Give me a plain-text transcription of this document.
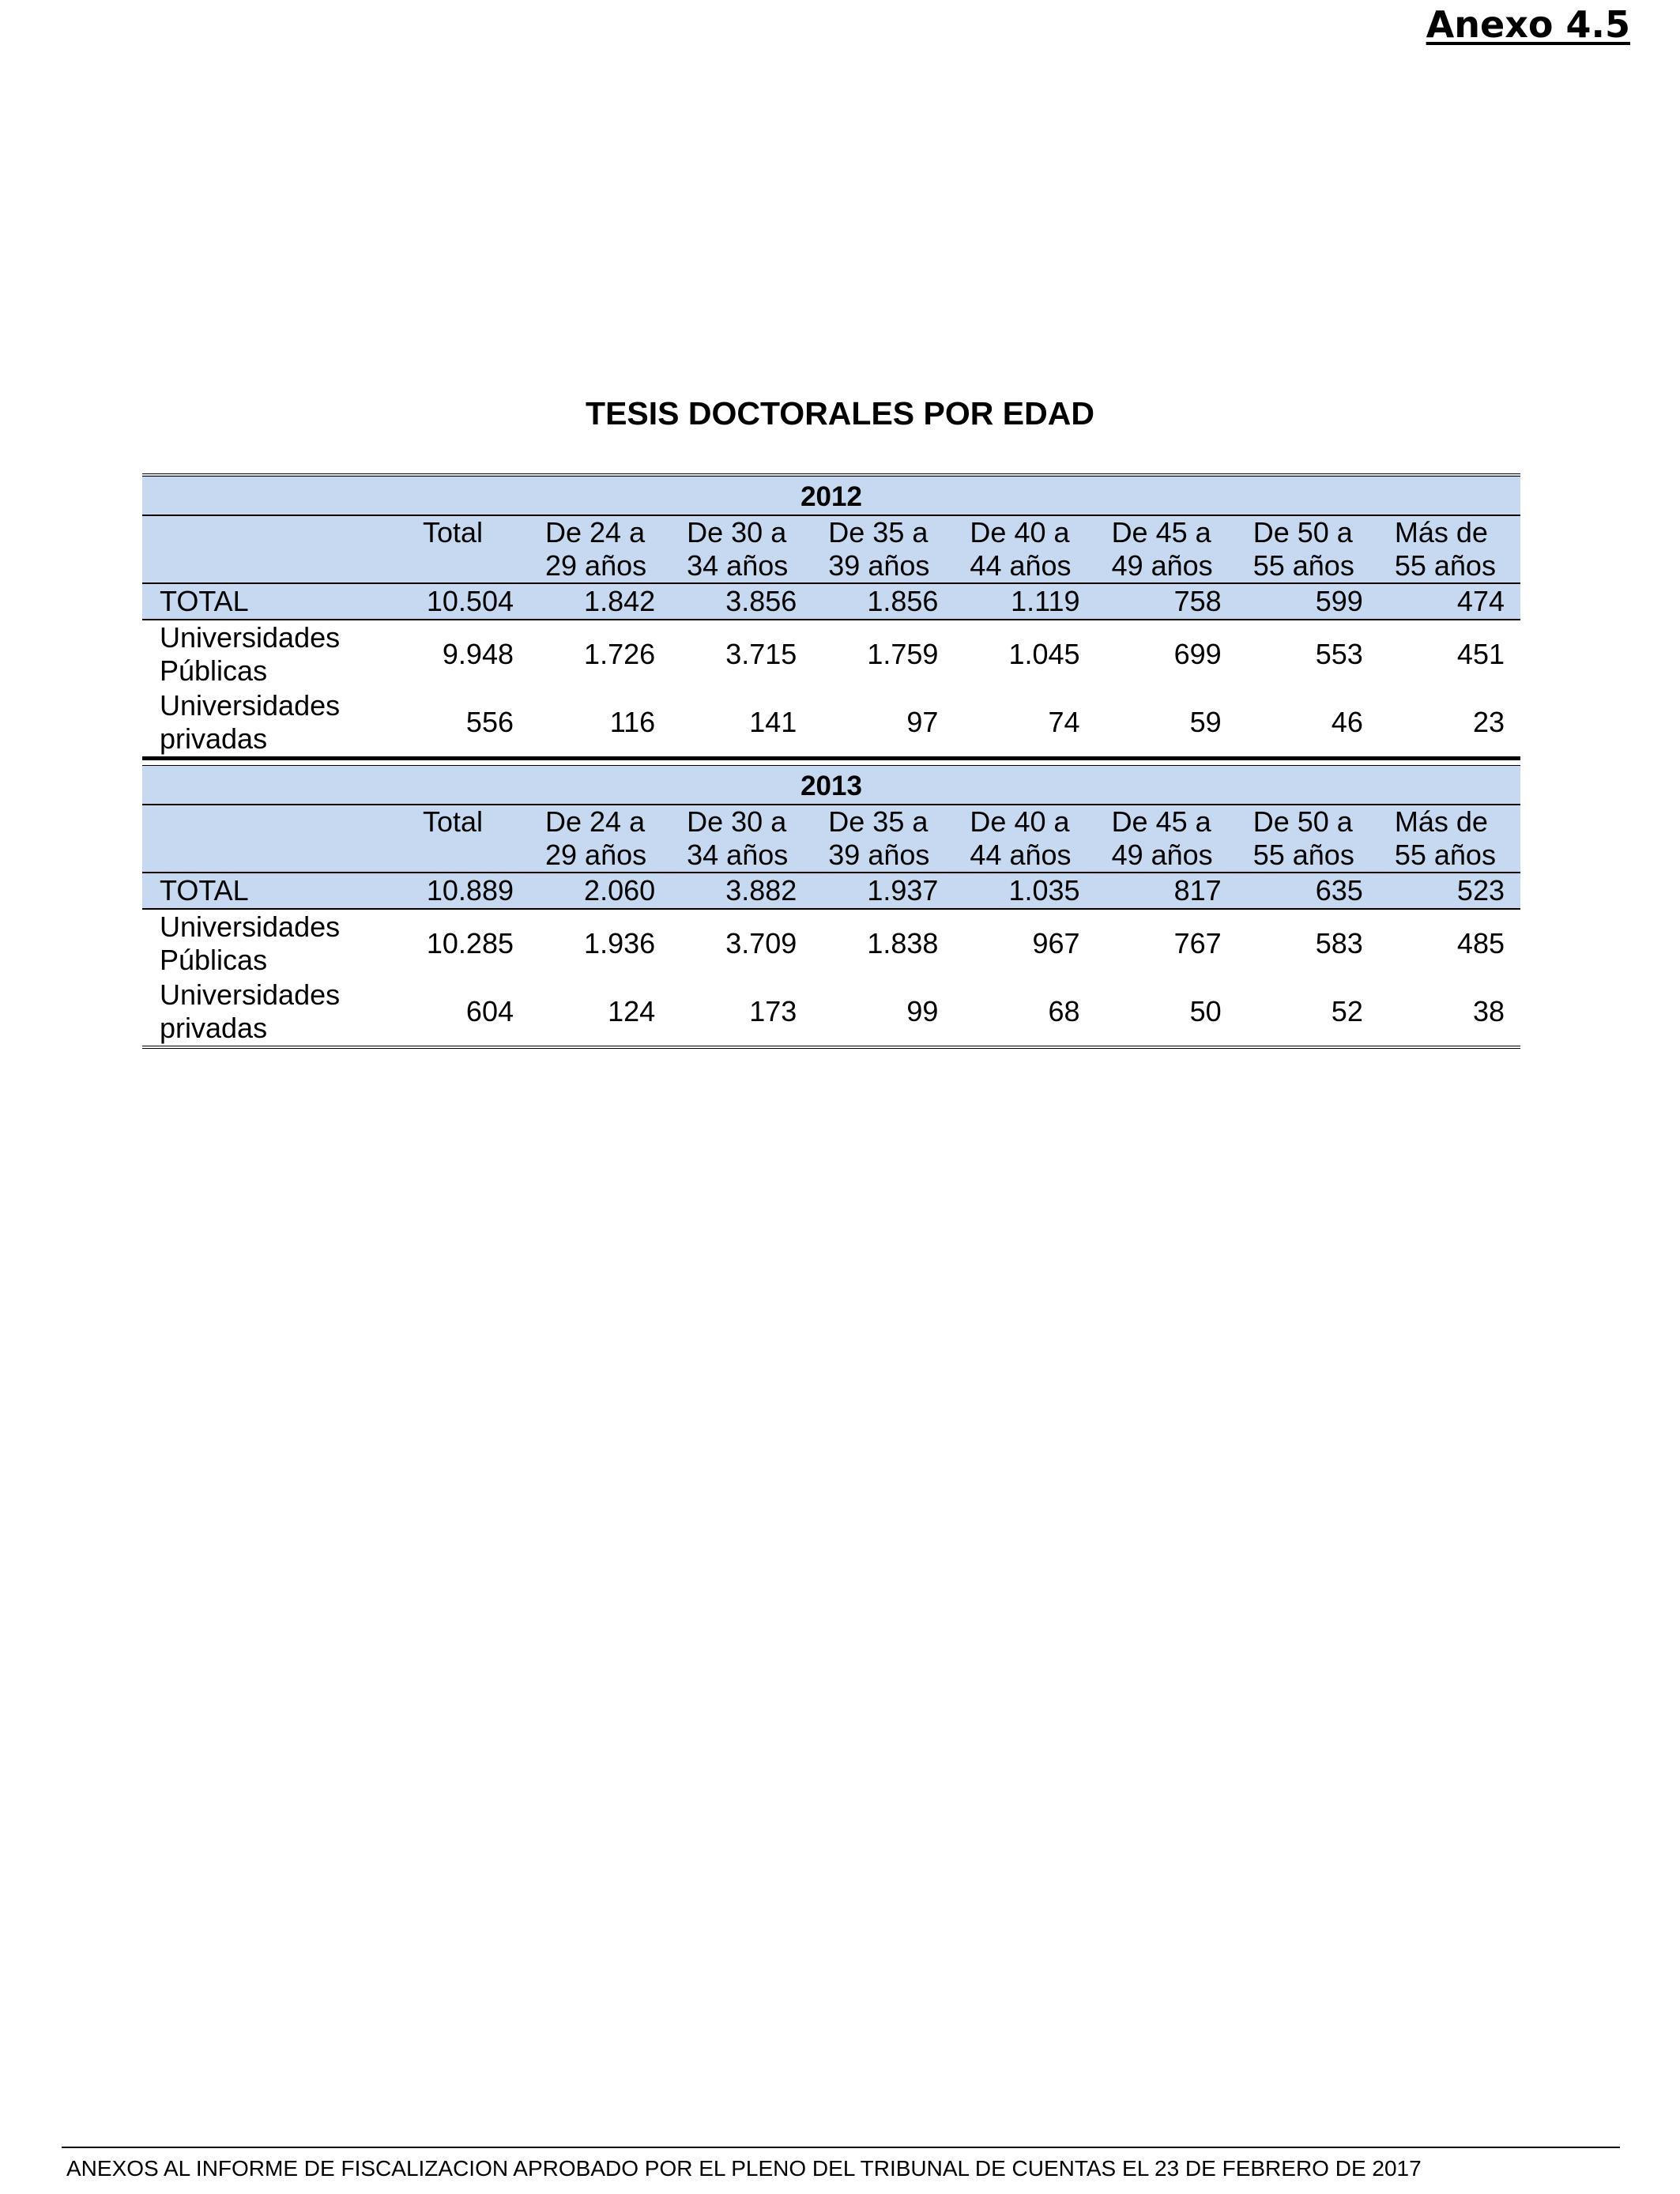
Anexo 4.5
TESIS DOCTORALES POR EDAD
2012								
	Total	De 24 a 29 años	De 30 a 34 años	De 35 a 39 años	De 40 a 44 años	De 45 a 49 años	De 50 a 55 años	Más de 55 años
TOTAL	10.504	1.842	3.856	1.856	1.119	758	599	474
Universidades Públicas	9.948	1.726	3.715	1.759	1.045	699	553	451
Universidades privadas	556	116	141	97	74	59	46	23
2013								
	Total	De 24 a 29 años	De 30 a 34 años	De 35 a 39 años	De 40 a 44 años	De 45 a 49 años	De 50 a 55 años	Más de 55 años
TOTAL	10.889	2.060	3.882	1.937	1.035	817	635	523
Universidades Públicas	10.285	1.936	3.709	1.838	967	767	583	485
Universidades privadas	604	124	173	99	68	50	52	38
ANEXOS AL INFORME DE FISCALIZACION APROBADO POR EL PLENO DEL TRIBUNAL DE CUENTAS EL 23 DE FEBRERO DE 2017
